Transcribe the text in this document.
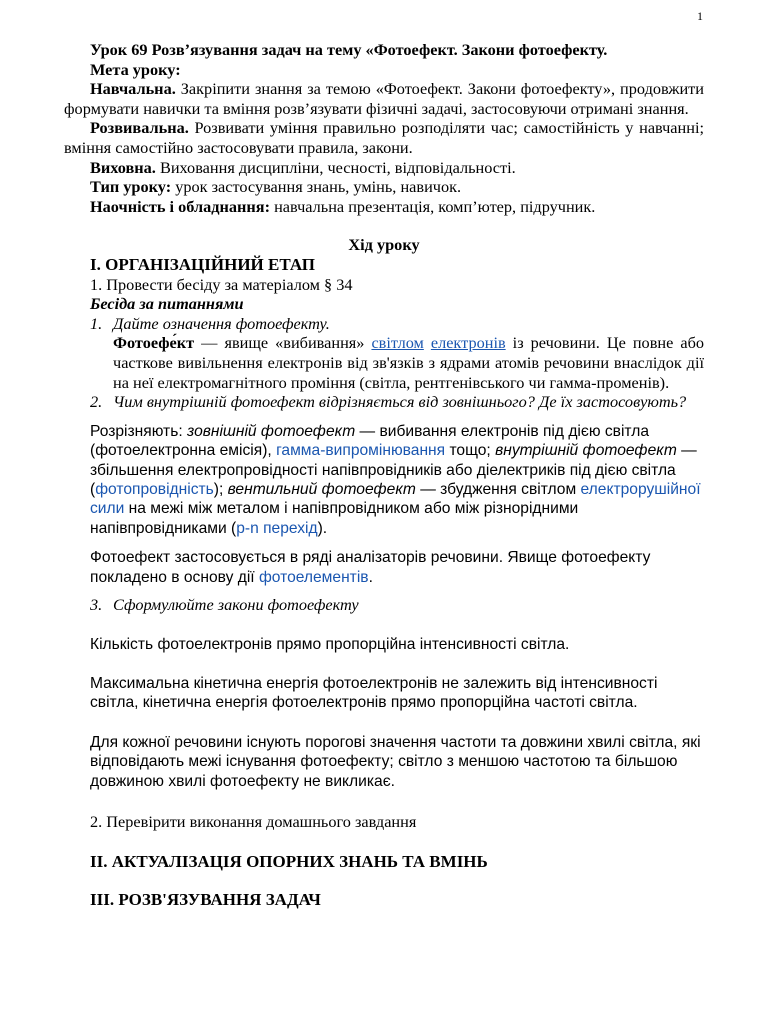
1

Урок 69 Розв’язування задач на тему «Фотоефект. Закони фотоефекту.

Мета уроку:

Навчальна. Закріпити знання за темою «Фотоефект. Закони фотоефекту», продовжити формувати навички та вміння розв’язувати фізичні задачі, застосовуючи отримані знання.

Розвивальна. Розвивати уміння правильно розподіляти час; самостійність у навчанні; вміння самостійно застосовувати правила, закони.

Виховна. Виховання дисципліни, чесності, відповідальності.

Тип уроку: урок застосування знань, умінь, навичок.

Наочність і обладнання: навчальна презентація, комп’ютер, підручник.

Хід уроку

І. ОРГАНІЗАЦІЙНИЙ ЕТАП

1. Провести бесіду за матеріалом § 34

Бесіда за питаннями

1. Дайте означення фотоефекту.

Фотоефе́кт — явище «вибивання» світлом електронів із речовини. Це повне або часткове вивільнення електронів від зв'язків з ядрами атомів речовини внаслідок дії на неї електромагнітного проміння (світла, рентгенівського чи гамма-променів).

2. Чим внутрішній фотоефект відрізняється від зовнішнього? Де їх застосовують?

Розрізняють: зовнішній фотоефект — вибивання електронів під дією світла (фотоелектронна емісія), гамма-випромінювання тощо; внутрішній фотоефект — збільшення електропровідності напівпровідників або діелектриків під дією світла (фотопровідність); вентильний фотоефект — збудження світлом електрорушійної сили на межі між металом і напівпровідником або між різнорідними напівпровідниками (p-n перехід).

Фотоефект застосовується в ряді аналізаторів речовини. Явище фотоефекту покладено в основу дії фотоелементів.

3. Сформулюйте закони фотоефекту

Кількість фотоелектронів прямо пропорційна інтенсивності світла.

Максимальна кінетична енергія фотоелектронів не залежить від інтенсивності світла, кінетична енергія фотоелектронів прямо пропорційна частоті світла.

Для кожної речовини існують порогові значення частоти та довжини хвилі світла, які відповідають межі існування фотоефекту; світло з меншою частотою та більшою довжиною хвилі фотоефекту не викликає.

2. Перевірити виконання домашнього завдання

ІІ. АКТУАЛІЗАЦІЯ ОПОРНИХ ЗНАНЬ ТА ВМІНЬ

ІІІ. РОЗВ'ЯЗУВАННЯ ЗАДАЧ
